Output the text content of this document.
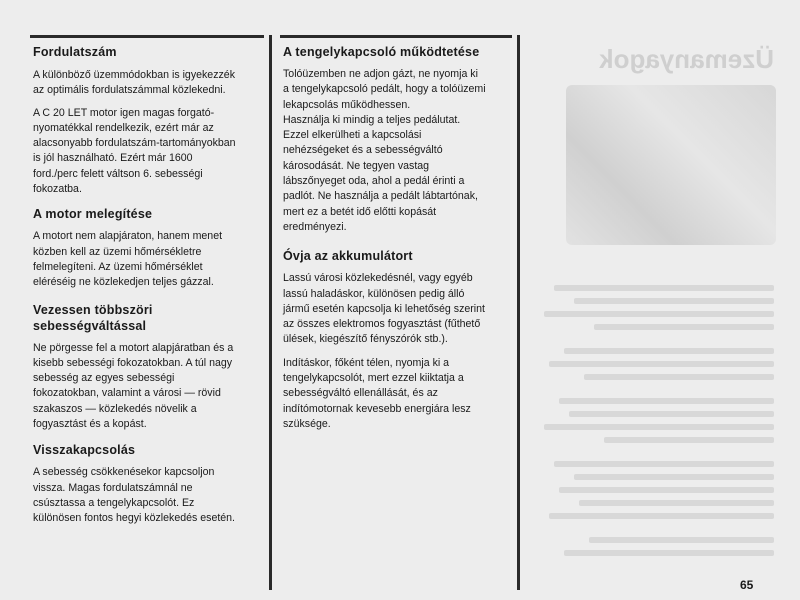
Üzemanyagok
Fordulatszám

A különböző üzemmódokban is igyekezzék
az optimális fordulatszámmal közlekedni.

A C 20 LET motor igen magas forgató-
nyomatékkal rendelkezik, ezért már az
alacsonyabb fordulatszám-tartományokban
is jól használható. Ezért már 1600
ford./perc felett váltson 6. sebességi
fokozatba.

A motor melegítése

A motort nem alapjáraton, hanem menet
közben kell az üzemi hőmérsékletre
felmelegíteni. Az üzemi hőmérséklet
eléréséig ne közlekedjen teljes gázzal.

Vezessen többszöri
sebességváltással

Ne pörgesse fel a motort alapjáratban és a
kisebb sebességi fokozatokban. A túl nagy
sebesség az egyes sebességi
fokozatokban, valamint a városi — rövid
szakaszos — közlekedés növelik a
fogyasztást és a kopást.

Visszakapcsolás

A sebesség csökkenésekor kapcsoljon
vissza. Magas fordulatszámnál ne
csúsztassa a tengelykapcsolót. Ez
különösen fontos hegyi közlekedés esetén.

A tengelykapcsoló működtetése

Tolóüzemben ne adjon gázt, ne nyomja ki
a tengelykapcsoló pedált, hogy a tolóüzemi
lekapcsolás működhessen.
Használja ki mindig a teljes pedálutat.
Ezzel elkerülheti a kapcsolási
nehézségeket és a sebességváltó
károsodását. Ne tegyen vastag
lábszőnyeget oda, ahol a pedál érinti a
padlót. Ne használja a pedált lábtartónak,
mert ez a betét idő előtti kopását
eredményezi.

Óvja az akkumulátort

Lassú városi közlekedésnél, vagy egyéb
lassú haladáskor, különösen pedig álló
jármű esetén kapcsolja ki lehetőség szerint
az összes elektromos fogyasztást (fűthető
ülések, kiegészítő fényszórók stb.).

Indításkor, főként télen, nyomja ki a
tengelykapcsolót, mert ezzel kiiktatja a
sebességváltó ellenállását, és az
indítómotornak kevesebb energiára lesz
szüksége.

65
